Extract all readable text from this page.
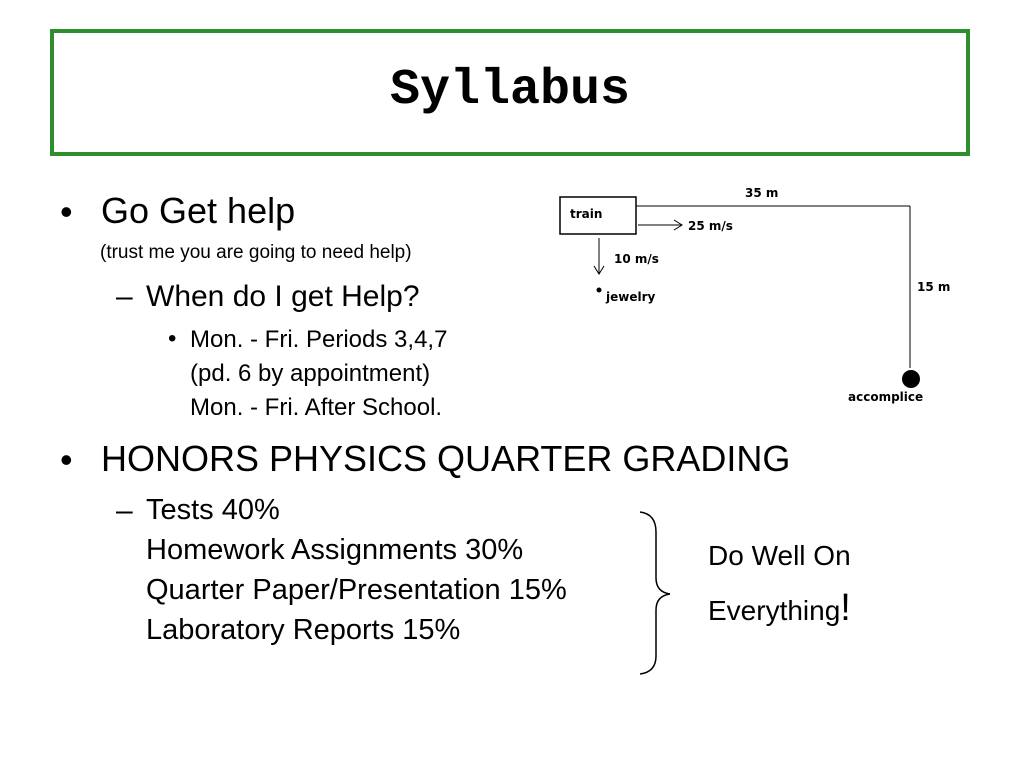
Syllabus
• Go Get help
(trust me you are going to need help)
– When do I get Help?
• Mon. - Fri. Periods 3,4,7
(pd. 6 by appointment)
Mon. - Fri. After School.
• HONORS PHYSICS QUARTER GRADING
– Tests 40%
Homework Assignments 30%
Quarter Paper/Presentation 15%
Laboratory Reports 15%
Do Well On
Everything!
train
35 m
25 m/s
10 m/s
jewelry
15 m
accomplice
